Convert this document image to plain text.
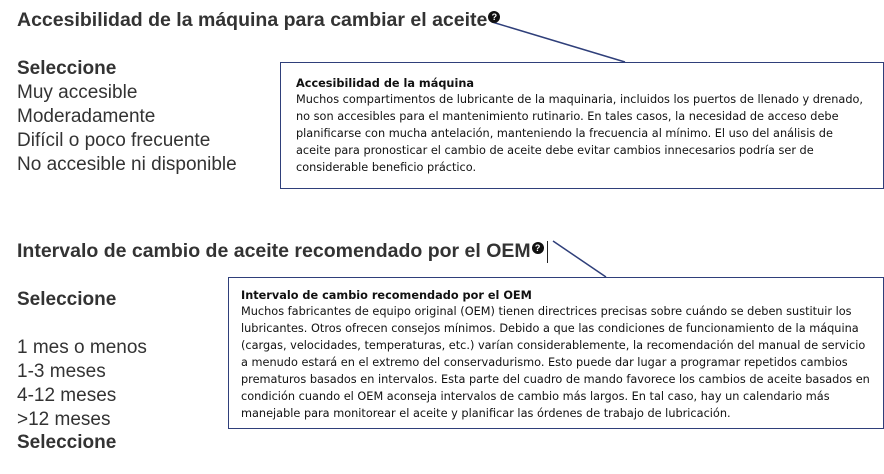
Accesibilidad de la máquina para cambiar el aceite ?
Seleccione
Muy accesible
Moderadamente
Difícil o poco frecuente
No accesible ni disponible
Accesibilidad de la máquina

Muchos compartimentos de lubricante de la maquinaria, incluidos los puertos de llenado y drenado, no son accesibles para el mantenimiento rutinario. En tales casos, la necesidad de acceso debe planificarse con mucha antelación, manteniendo la frecuencia al mínimo. El uso del análisis de aceite para pronosticar el cambio de aceite debe evitar cambios innecesarios podría ser de considerable beneficio práctico.

Intervalo de cambio de aceite recomendado por el OEM ?
Seleccione
1 mes o menos
1-3 meses
4-12 meses
>12 meses
Seleccione
Intervalo de cambio recomendado por el OEM

Muchos fabricantes de equipo original (OEM) tienen directrices precisas sobre cuándo se deben sustituir los lubricantes. Otros ofrecen consejos mínimos. Debido a que las condiciones de funcionamiento de la máquina (cargas, velocidades, temperaturas, etc.) varían considerablemente, la recomendación del manual de servicio a menudo estará en el extremo del conservadurismo. Esto puede dar lugar a programar repetidos cambios prematuros basados en intervalos. Esta parte del cuadro de mando favorece los cambios de aceite basados en condición cuando el OEM aconseja intervalos de cambio más largos. En tal caso, hay un calendario más manejable para monitorear el aceite y planificar las órdenes de trabajo de lubricación.
